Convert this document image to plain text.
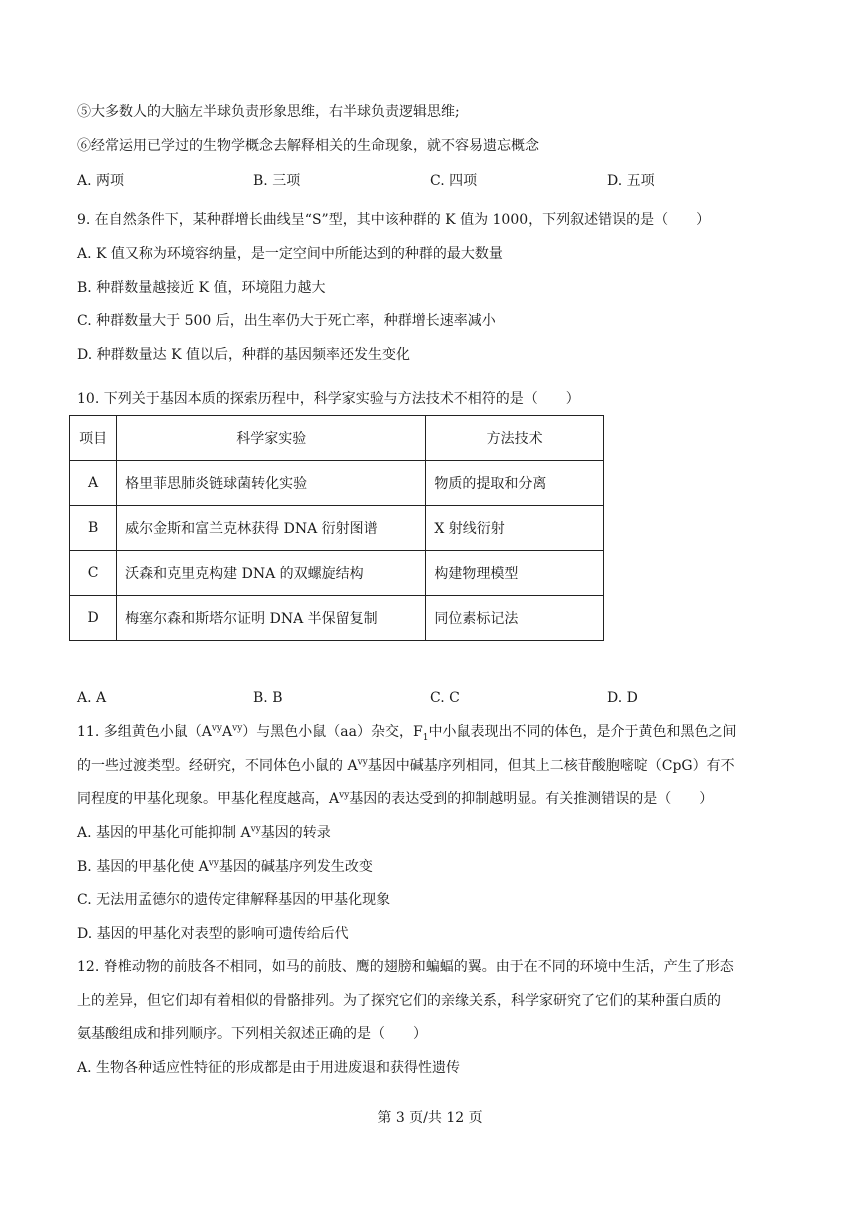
⑤大多数人的大脑左半球负责形象思维，右半球负责逻辑思维;
⑥经常运用已学过的生物学概念去解释相关的生命现象，就不容易遗忘概念
A. 两项	B. 三项	C. 四项	D. 五项
9. 在自然条件下，某种群增长曲线呈“S”型，其中该种群的 K 值为 1000，下列叙述错误的是（　　）
A. K 值又称为环境容纳量，是一定空间中所能达到的种群的最大数量
B. 种群数量越接近 K 值，环境阻力越大
C. 种群数量大于 500 后，出生率仍大于死亡率，种群增长速率减小
D. 种群数量达 K 值以后，种群的基因频率还发生变化
10. 下列关于基因本质的探索历程中，科学家实验与方法技术不相符的是（　　）
项目	科学家实验	方法技术
A	格里菲思肺炎链球菌转化实验	物质的提取和分离
B	威尔金斯和富兰克林获得 DNA 衍射图谱	X 射线衍射
C	沃森和克里克构建 DNA 的双螺旋结构	构建物理模型
D	梅塞尔森和斯塔尔证明 DNA 半保留复制	同位素标记法
A. A	B. B	C. C	D. D
11. 多组黄色小鼠$(A^{vy}A^{vy})$与黑色小鼠（aa）杂交，$F_1$中小鼠表现出不同的体色，是介于黄色和黑色之间
的一些过渡类型。经研究，不同体色小鼠的 $A^{vy}$基因中碱基序列相同，但其上二核苷酸胞嘧啶（CpG）有不
同程度的甲基化现象。甲基化程度越高，$A^{vy}$基因的表达受到的抑制越明显。有关推测错误的是（　　）
A. 基因的甲基化可能抑制 $A^{vy}$基因的转录
B. 基因的甲基化使 $A^{vy}$基因的碱基序列发生改变
C. 无法用孟德尔的遗传定律解释基因的甲基化现象
D. 基因的甲基化对表型的影响可遗传给后代
12. 脊椎动物的前肢各不相同，如马的前肢、鹰的翅膀和蝙蝠的翼。由于在不同的环境中生活，产生了形态
上的差异，但它们却有着相似的骨骼排列。为了探究它们的亲缘关系，科学家研究了它们的某种蛋白质的
氨基酸组成和排列顺序。下列相关叙述正确的是（　　）
A. 生物各种适应性特征的形成都是由于用进废退和获得性遗传
第 3 页/共 12 页
